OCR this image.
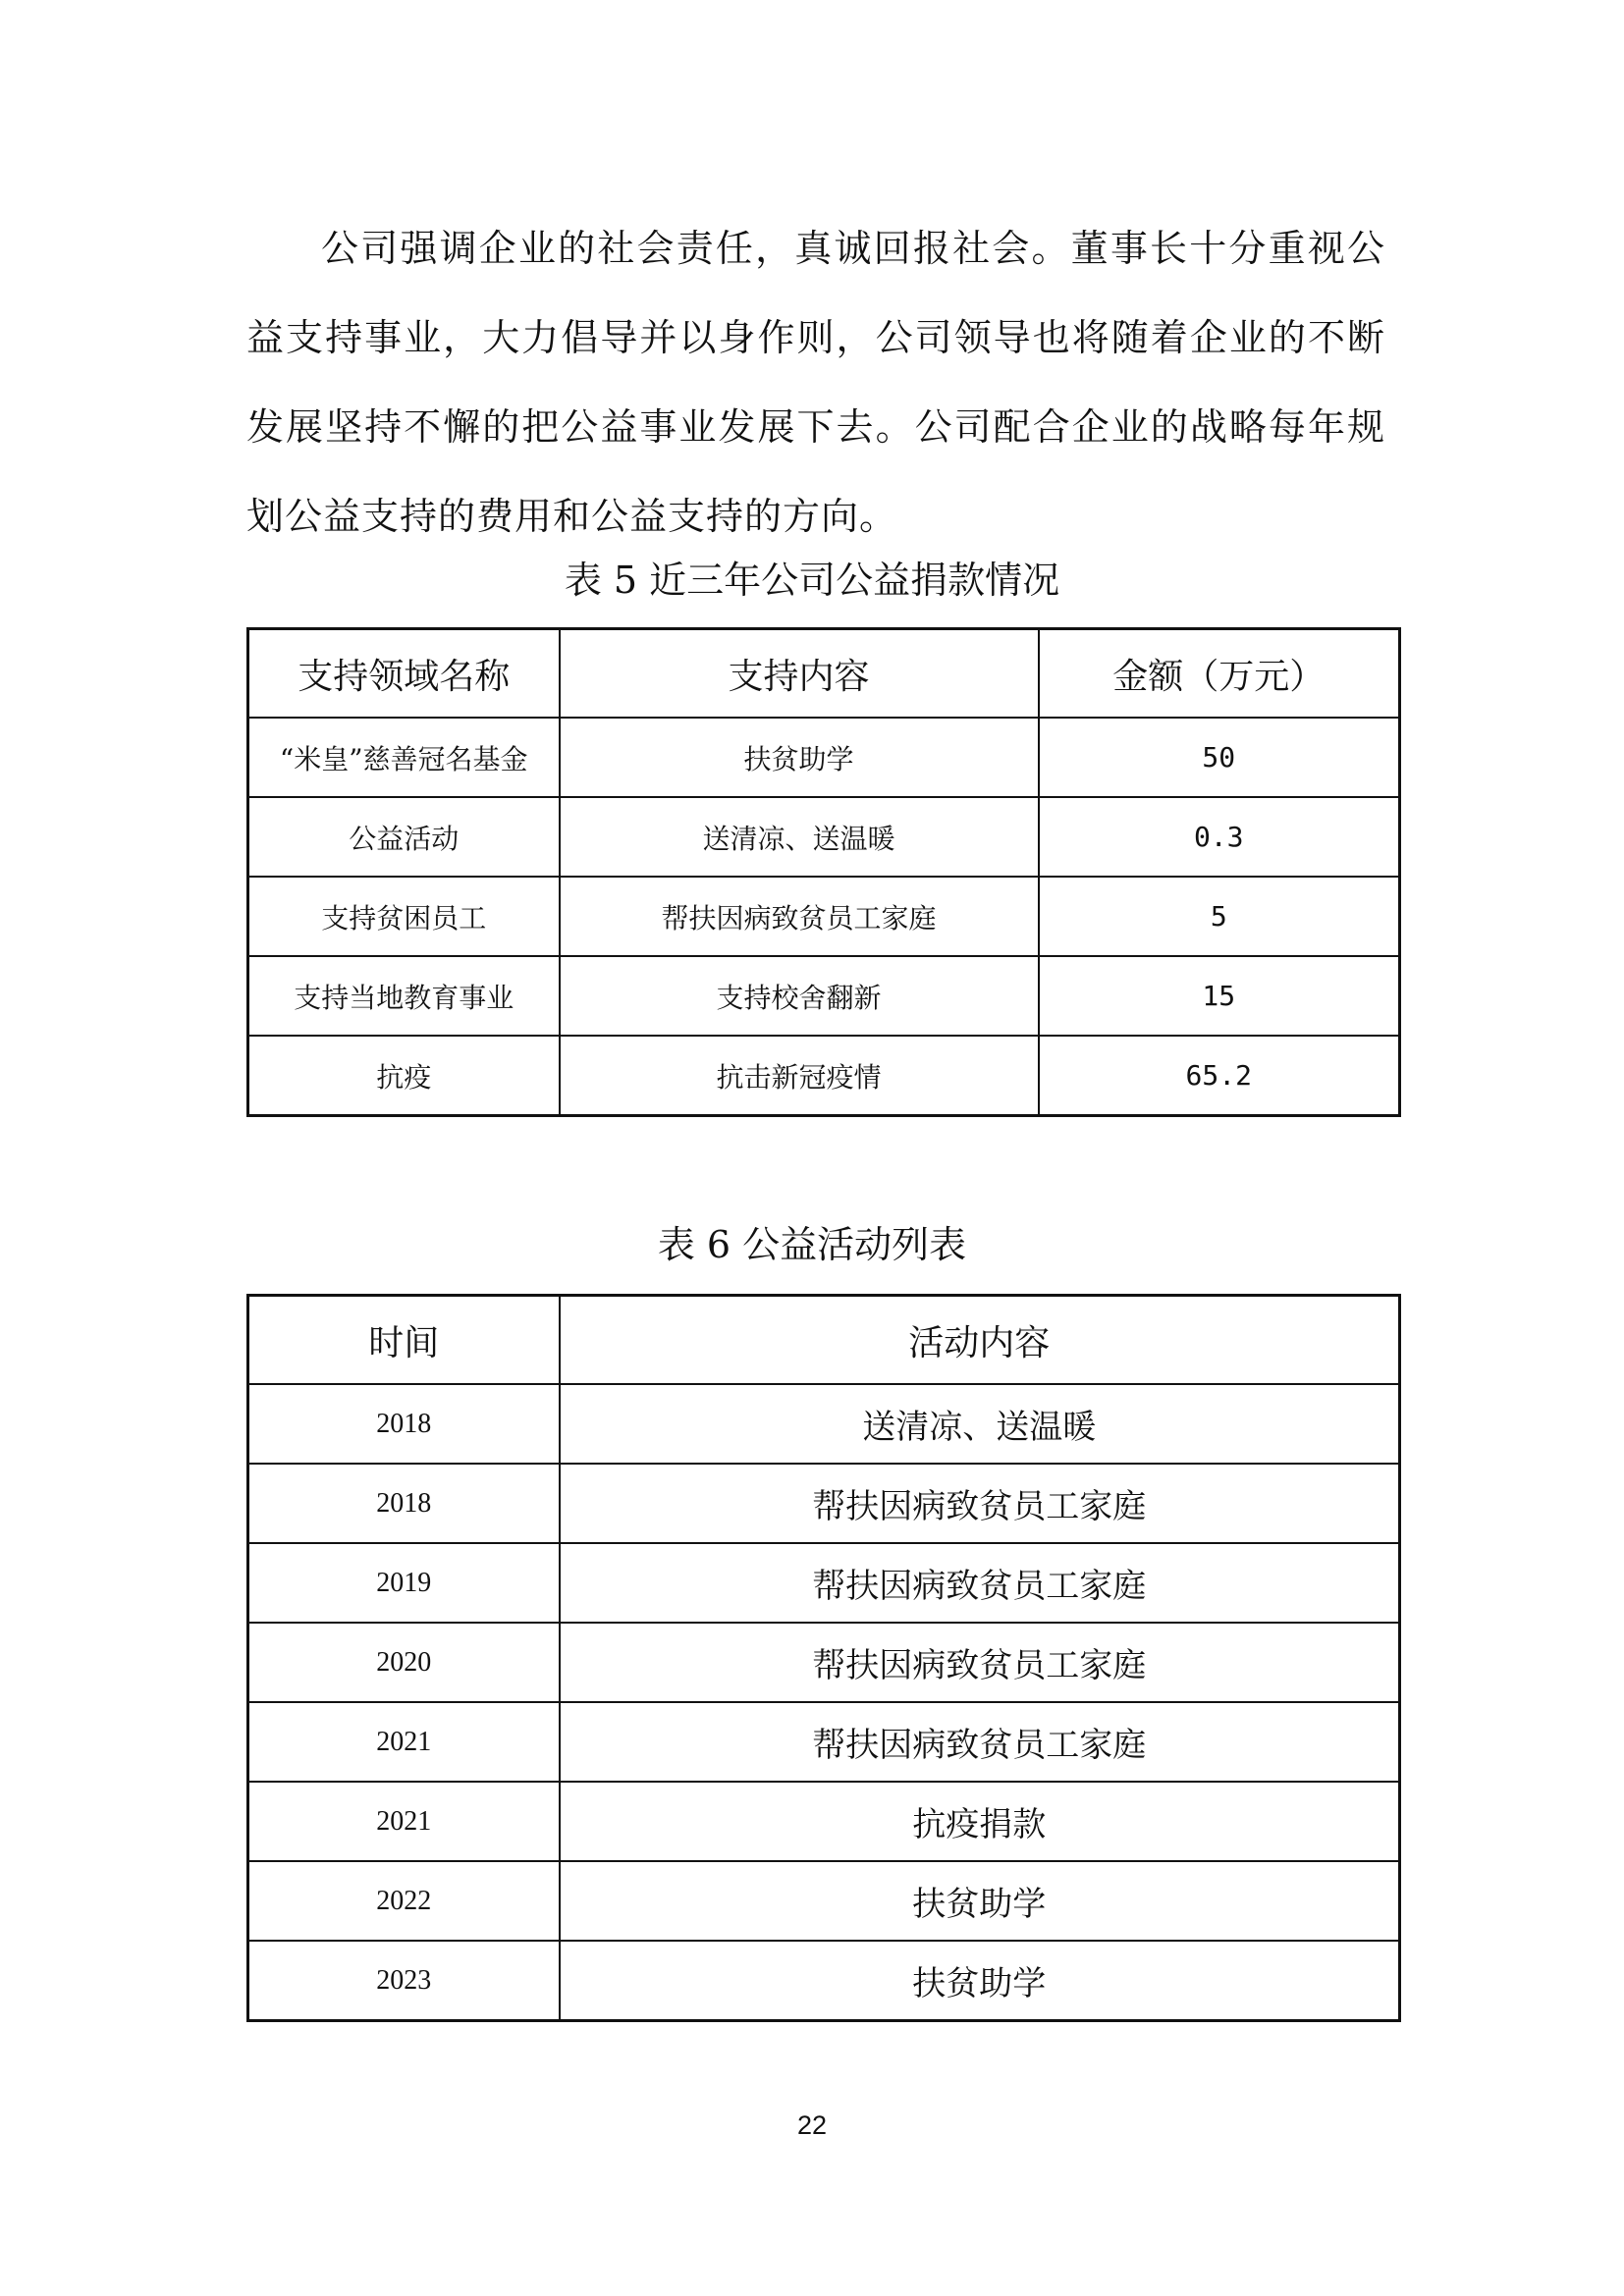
公司强调企业的社会责任，真诚回报社会。董事长十分重视公益支持事业，大力倡导并以身作则，公司领导也将随着企业的不断发展坚持不懈的把公益事业发展下去。公司配合企业的战略每年规划公益支持的费用和公益支持的方向。

表 5 近三年公司公益捐款情况

支持领域名称	支持内容	金额（万元）
“米皇”慈善冠名基金	扶贫助学	50
公益活动	送清凉、送温暖	0.3
支持贫困员工	帮扶因病致贫员工家庭	5
支持当地教育事业	支持校舍翻新	15
抗疫	抗击新冠疫情	65.2

表 6 公益活动列表

时间	活动内容
2018	送清凉、送温暖
2018	帮扶因病致贫员工家庭
2019	帮扶因病致贫员工家庭
2020	帮扶因病致贫员工家庭
2021	帮扶因病致贫员工家庭
2021	抗疫捐款
2022	扶贫助学
2023	扶贫助学

22
